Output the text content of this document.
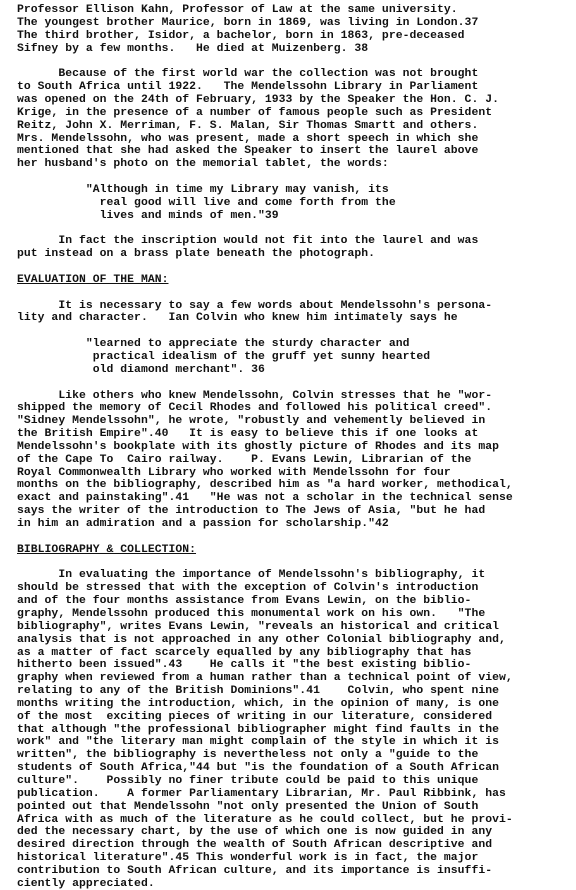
Professor Ellison Kahn, Professor of Law at the same university.
The youngest brother Maurice, born in 1869, was living in London.37
The third brother, Isidor, a bachelor, born in 1863, pre-deceased
Sifney by a few months.   He died at Muizenberg. 38
Because of the first world war the collection was not brought
to South Africa until 1922.   The Mendelssohn Library in Parliament
was opened on the 24th of February, 1933 by the Speaker the Hon. C. J.
Krige, in the presence of a number of famous people such as President
Reitz, John X. Merriman, F. S. Malan, Sir Thomas Smartt and others.
Mrs. Mendelssohn, who was present, made a short speech in which she
mentioned that she had asked the Speaker to insert the laurel above
her husband's photo on the memorial tablet, the words:
"Although in time my Library may vanish, its
real good will live and come forth from the
lives and minds of men."39
In fact the inscription would not fit into the laurel and was
put instead on a brass plate beneath the photograph.
EVALUATION OF THE MAN:
It is necessary to say a few words about Mendelssohn's persona-
lity and character.   Ian Colvin who knew him intimately says he
"learned to appreciate the sturdy character and
practical idealism of the gruff yet sunny hearted
old diamond merchant". 36
Like others who knew Mendelssohn, Colvin stresses that he "wor-
shipped the memory of Cecil Rhodes and followed his political creed".
"Sidney Mendelssohn", he wrote, "robustly and vehemently believed in
the British Empire".40   It is easy to believe this if one looks at
Mendelssohn's bookplate with its ghostly picture of Rhodes and its map
of the Cape To  Cairo railway.    P. Evans Lewin, Librarian of the
Royal Commonwealth Library who worked with Mendelssohn for four
months on the bibliography, described him as "a hard worker, methodical,
exact and painstaking".41   "He was not a scholar in the technical sense
says the writer of the introduction to The Jews of Asia, "but he had
in him an admiration and a passion for scholarship."42
BIBLIOGRAPHY & COLLECTION:
In evaluating the importance of Mendelssohn's bibliography, it
should be stressed that with the exception of Colvin's introduction
and of the four months assistance from Evans Lewin, on the biblio-
graphy, Mendelssohn produced this monumental work on his own.   "The
bibliography", writes Evans Lewin, "reveals an historical and critical
analysis that is not approached in any other Colonial bibliography and,
as a matter of fact scarcely equalled by any bibliography that has
hitherto been issued".43    He calls it "the best existing biblio-
graphy when reviewed from a human rather than a technical point of view,
relating to any of the British Dominions".41    Colvin, who spent nine
months writing the introduction, which, in the opinion of many, is one
of the most  exciting pieces of writing in our literature, considered
that although "the professional bibliographer might find faults in the
work" and "the literary man might complain of the style in which it is
written", the bibliography is nevertheless not only a "guide to the
students of South Africa,"44 but "is the foundation of a South African
culture".    Possibly no finer tribute could be paid to this unique
publication.    A former Parliamentary Librarian, Mr. Paul Ribbink, has
pointed out that Mendelssohn "not only presented the Union of South
Africa with as much of the literature as he could collect, but he provi-
ded the necessary chart, by the use of which one is now guided in any
desired direction through the wealth of South African descriptive and
historical literature".45 This wonderful work is in fact, the major
contribution to South African culture, and its importance is insuffi-
ciently appreciated.
